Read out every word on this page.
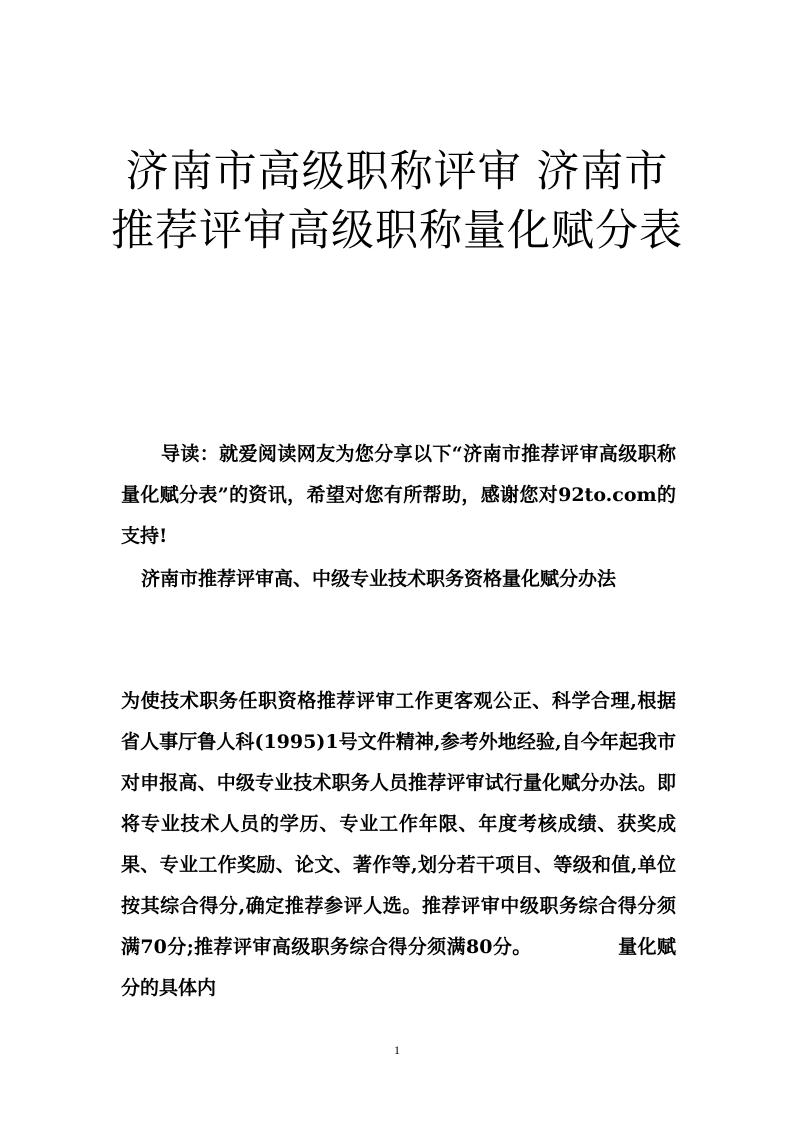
济南市高级职称评审 济南市推荐评审高级职称量化赋分表

导读：就爱阅读网友为您分享以下“济南市推荐评审高级职称量化赋分表”的资讯，希望对您有所帮助，感谢您对92to.com的支持!

济南市推荐评审高、中级专业技术职务资格量化赋分办法

为使技术职务任职资格推荐评审工作更客观公正、科学合理,根据省人事厅鲁人科(1995)1号文件精神,参考外地经验,自今年起我市对申报高、中级专业技术职务人员推荐评审试行量化赋分办法。即将专业技术人员的学历、专业工作年限、年度考核成绩、获奖成果、专业工作奖励、论文、著作等,划分若干项目、等级和值,单位按其综合得分,确定推荐参评人选。推荐评审中级职务综合得分须满70分;推荐评审高级职务综合得分须满80分。	量化赋分的具体内

1
